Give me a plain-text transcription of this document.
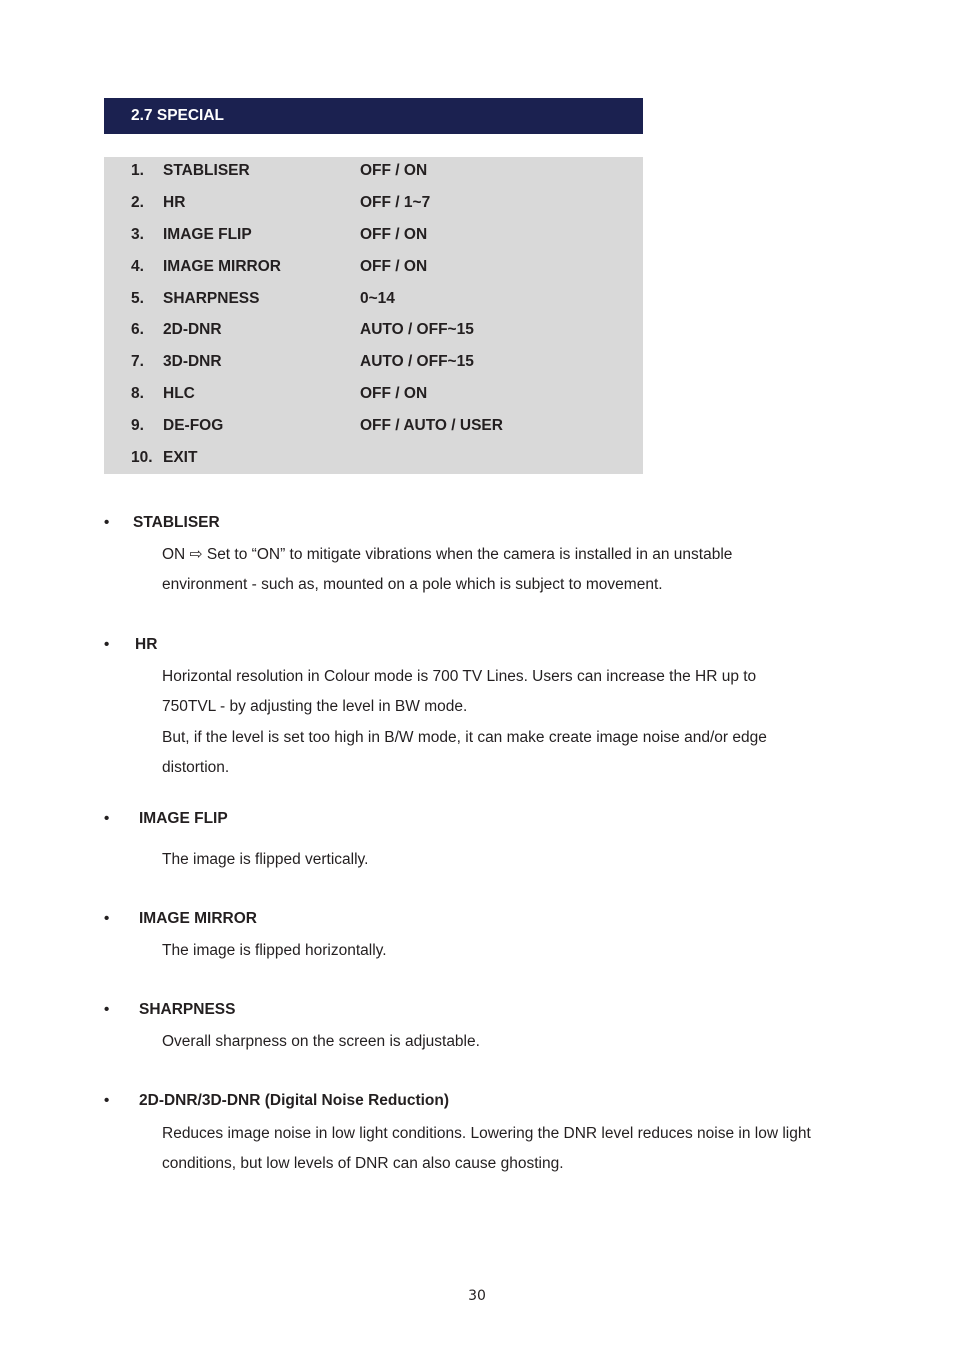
2.7 SPECIAL
1. STABLISER	OFF / ON
2. HR	OFF / 1~7
3. IMAGE FLIP	OFF / ON
4. IMAGE MIRROR	OFF / ON
5. SHARPNESS	0~14
6. 2D-DNR	AUTO / OFF~15
7. 3D-DNR	AUTO / OFF~15
8. HLC	OFF / ON
9. DE-FOG	OFF / AUTO / USER
10. EXIT
• STABLISER
ON ⇨ Set to “ON” to mitigate vibrations when the camera is installed in an unstable environment - such as, mounted on a pole which is subject to movement.
• HR
Horizontal resolution in Colour mode is 700 TV Lines. Users can increase the HR up to 750TVL - by adjusting the level in BW mode.
But, if the level is set too high in B/W mode, it can make create image noise and/or edge distortion.
• IMAGE FLIP
The image is flipped vertically.
• IMAGE MIRROR
The image is flipped horizontally.
• SHARPNESS
Overall sharpness on the screen is adjustable.
• 2D-DNR/3D-DNR (Digital Noise Reduction)
Reduces image noise in low light conditions. Lowering the DNR level reduces noise in low light conditions, but low levels of DNR can also cause ghosting.
30
